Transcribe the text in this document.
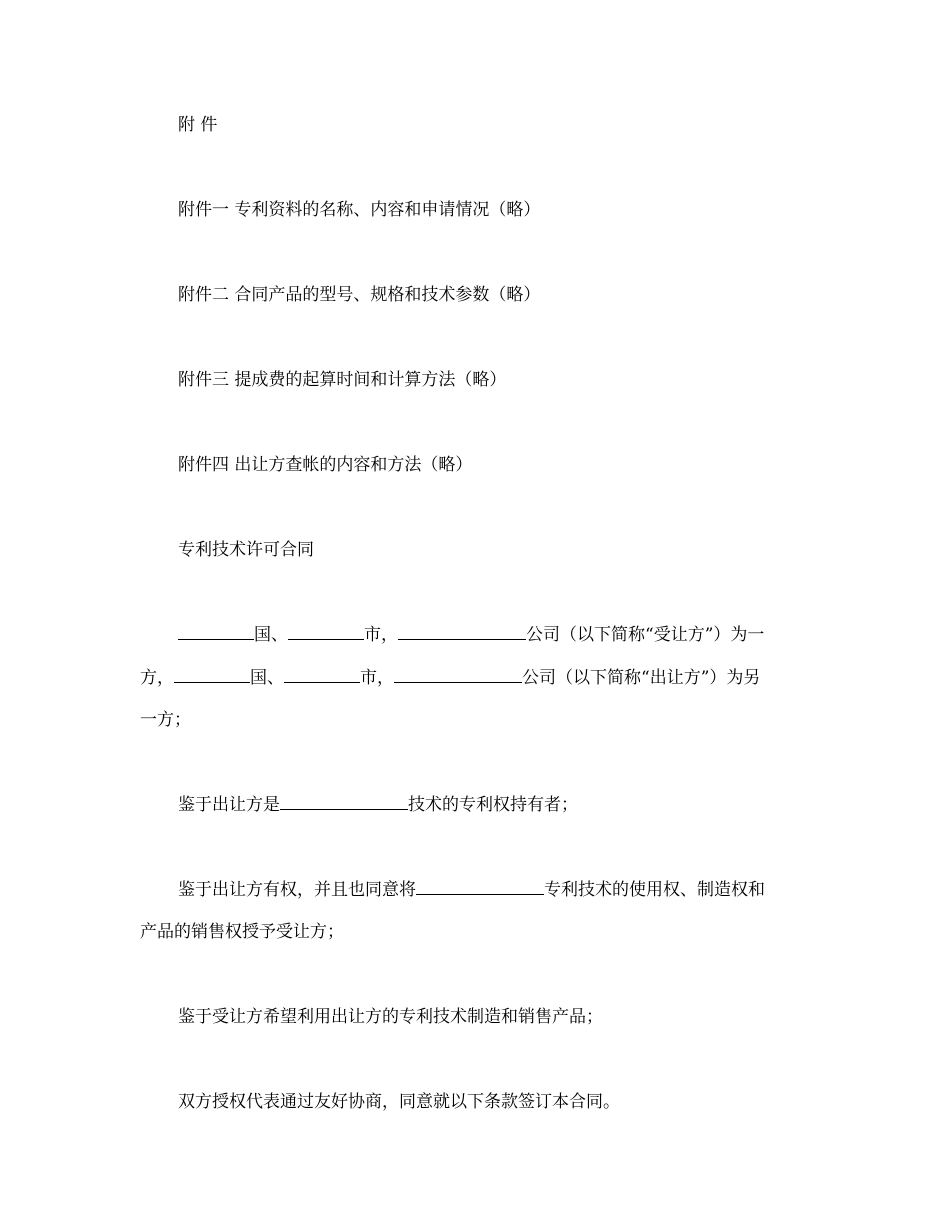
附 件
附件一 专利资料的名称、内容和申请情况（略）
附件二 合同产品的型号、规格和技术参数（略）
附件三 提成费的起算时间和计算方法（略）
附件四 出让方查帐的内容和方法（略）
专利技术许可合同
国、	市，	公司（以下简称“受让方”）为一
方，	国、	市，	公司（以下简称“出让方”）为另
一方；
鉴于出让方是	技术的专利权持有者；
鉴于出让方有权，并且也同意将	专利技术的使用权、制造权和
产品的销售权授予受让方；
鉴于受让方希望利用出让方的专利技术制造和销售产品；
双方授权代表通过友好协商，同意就以下条款签订本合同。
